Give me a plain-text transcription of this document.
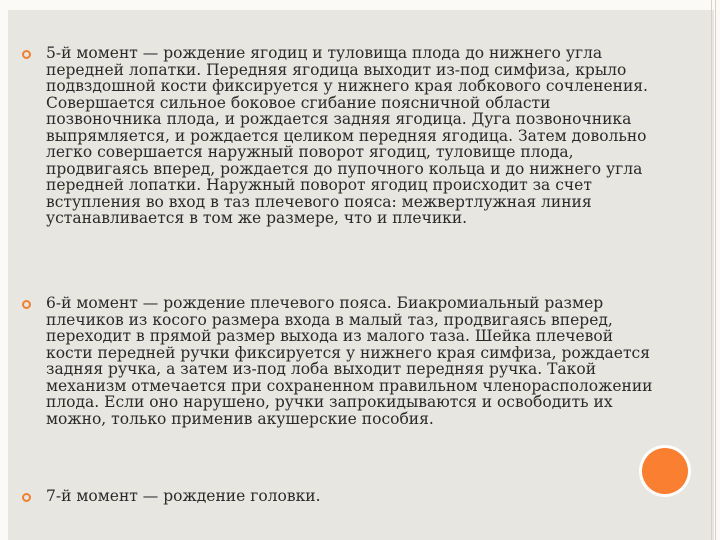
5-й момент — рождение ягодиц и туловища плода до нижнего угла передней лопатки. Передняя ягодица выходит из-под симфиза, крыло подвздошной кости фиксируется у нижнего края лобкового сочленения. Совершается сильное боковое сгибание поясничной области позвоночника плода, и рождается задняя ягодица. Дуга позвоночника выпрямляется, и рождается целиком передняя ягодица. Затем довольно легко совершается наружный поворот ягодиц, туловище плода, продвигаясь вперед, рождается до пупочного кольца и до нижнего угла передней лопатки. Наружный поворот ягодиц происходит за счет вступления во вход в таз плечевого пояса: межвертлужная линия устанавливается в том же размере, что и плечики.

6-й момент — рождение плечевого пояса. Биакромиальный размер плечиков из косого размера входа в малый таз, продвигаясь вперед, переходит в прямой размер выхода из малого таза. Шейка плечевой кости передней ручки фиксируется у нижнего края симфиза, рождается задняя ручка, а затем из-под лоба выходит передняя ручка. Такой механизм отмечается при сохраненном правильном членорасположении плода. Если оно нарушено, ручки запрокидываются и освободить их можно, только применив акушерские пособия.

7-й момент — рождение головки.
